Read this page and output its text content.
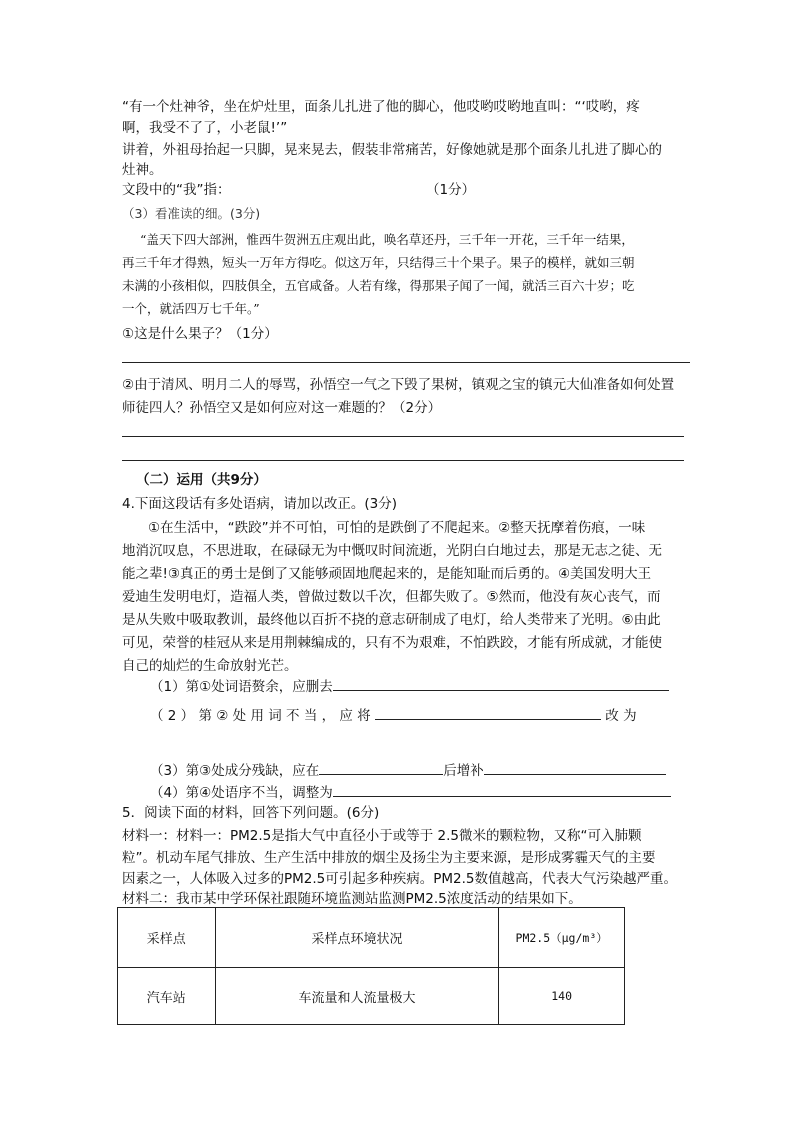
“有一个灶神爷，坐在炉灶里，面条儿扎进了他的脚心，他哎哟哎哟地直叫：“‘哎哟，疼
啊，我受不了了，小老鼠!’”
讲着，外祖母抬起一只脚，晃来晃去，假装非常痛苦，好像她就是那个面条儿扎进了脚心的
灶神。
文段中的“我”指：	（1分）
（3）看准读的细。(3分)
“盖天下四大部洲，惟西牛贺洲五庄观出此，唤名草还丹，三千年一开花，三千年一结果，
再三千年才得熟，短头一万年方得吃。似这万年，只结得三十个果子。果子的模样，就如三朝
未满的小孩相似，四肢俱全，五官咸备。人若有缘，得那果子闻了一闻，就活三百六十岁；吃
一个，就活四万七千年。”
①这是什么果子？（1分）
②由于清风、明月二人的辱骂，孙悟空一气之下毁了果树，镇观之宝的镇元大仙准备如何处置
师徒四人？孙悟空又是如何应对这一难题的？（2分）
（二）运用（共9分）
4.下面这段话有多处语病，请加以改正。(3分)
①在生活中，“跌跤”并不可怕，可怕的是跌倒了不爬起来。②整天抚摩着伤痕，一味
地消沉叹息，不思进取，在碌碌无为中慨叹时间流逝，光阴白白地过去，那是无志之徒、无
能之辈!③真正的勇士是倒了又能够顽固地爬起来的，是能知耻而后勇的。④美国发明大王
爱迪生发明电灯，造福人类，曾做过数以千次，但都失败了。⑤然而，他没有灰心丧气，而
是从失败中吸取教训，最终他以百折不挠的意志研制成了电灯，给人类带来了光明。⑥由此
可见，荣誉的桂冠从来是用荆棘编成的，只有不为艰难，不怕跌跤，才能有所成就，才能使
自己的灿烂的生命放射光芒。
（1）第①处词语赘余，应删去
（ 2 ） 第 ② 处 用 词 不 当 ， 应 将	改 为
（3）第③处成分残缺，应在	后增补
（4）第④处语序不当，调整为
5．阅读下面的材料，回答下列问题。(6分)
材料一：材料一：PM2.5是指大气中直径小于或等于 2.5微米的颗粒物，又称“可入肺颗
粒”。机动车尾气排放、生产生活中排放的烟尘及扬尘为主要来源，是形成雾霾天气的主要
因素之一，人体吸入过多的PM2.5可引起多种疾病。PM2.5数值越高，代表大气污染越严重。
材料二：我市某中学环保社跟随环境监测站监测PM2.5浓度活动的结果如下。
采样点	采样点环境状况	PM2.5（μg/m³）
汽车站	车流量和人流量极大	140
